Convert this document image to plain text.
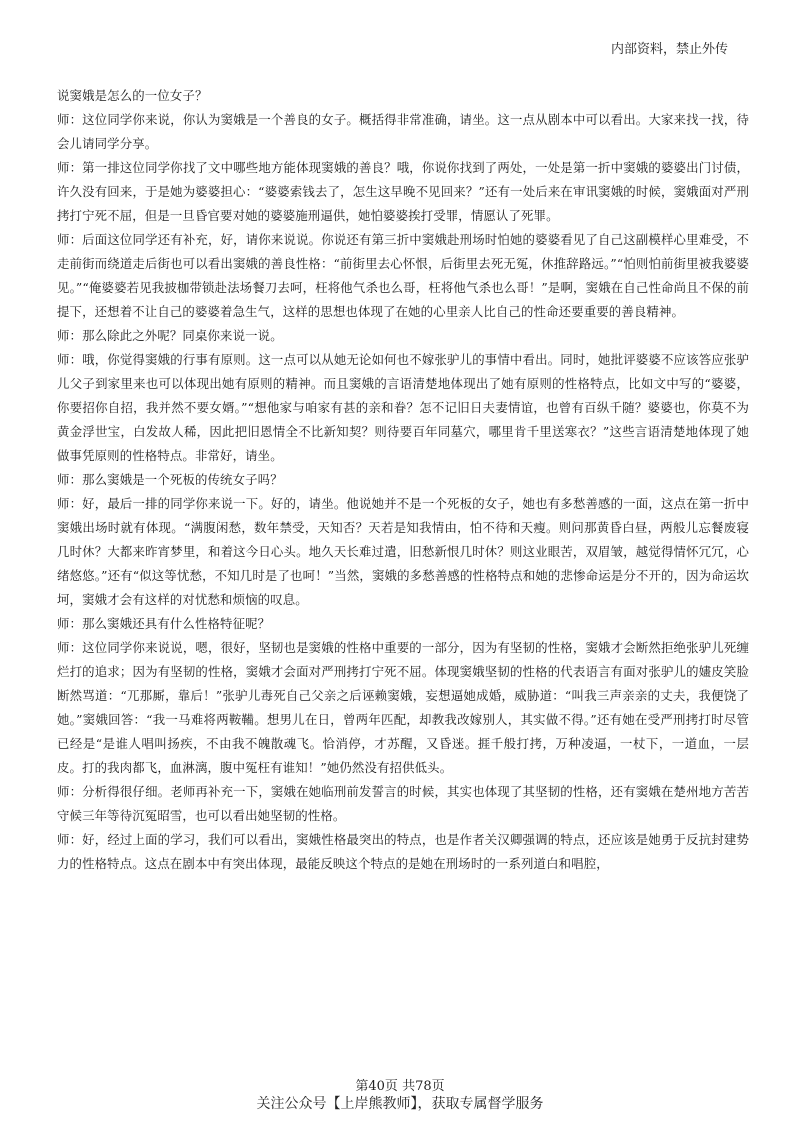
内部资料，禁止外传

说窦娥是怎么的一位女子？

师：这位同学你来说，你认为窦娥是一个善良的女子。概括得非常准确，请坐。这一点从剧本中可以看出。大家来找一找，待会儿请同学分享。

师：第一排这位同学你找了文中哪些地方能体现窦娥的善良？哦，你说你找到了两处，一处是第一折中窦娥的婆婆出门讨债，许久没有回来，于是她为婆婆担心：“婆婆索钱去了，怎生这早晚不见回来？”还有一处后来在审讯窦娥的时候，窦娥面对严刑拷打宁死不屈，但是一旦昏官要对她的婆婆施刑逼供，她怕婆婆挨打受罪，情愿认了死罪。

师：后面这位同学还有补充，好，请你来说说。你说还有第三折中窦娥赴刑场时怕她的婆婆看见了自己这副模样心里难受，不走前街而绕道走后街也可以看出窦娥的善良性格：“前街里去心怀恨，后街里去死无冤，休推辞路远。”“怕则怕前街里被我婆婆见。”“俺婆婆若见我披枷带锁赴法场餐刀去呵，枉将他气杀也么哥，枉将他气杀也么哥！”是啊，窦娥在自己性命尚且不保的前提下，还想着不让自己的婆婆着急生气，这样的思想也体现了在她的心里亲人比自己的性命还要重要的善良精神。

师：那么除此之外呢？同桌你来说一说。

师：哦，你觉得窦娥的行事有原则。这一点可以从她无论如何也不嫁张驴儿的事情中看出。同时，她批评婆婆不应该答应张驴儿父子到家里来也可以体现出她有原则的精神。而且窦娥的言语清楚地体现出了她有原则的性格特点，比如文中写的“婆婆，你要招你自招，我并然不要女婿。”“想他家与咱家有甚的亲和眷？怎不记旧日夫妻情谊，也曾有百纵千随？婆婆也，你莫不为黄金浮世宝，白发故人稀，因此把旧恩情全不比新知契？则待要百年同墓穴，哪里肯千里送寒衣？”这些言语清楚地体现了她做事凭原则的性格特点。非常好，请坐。

师：那么窦娥是一个死板的传统女子吗？

师：好，最后一排的同学你来说一下。好的，请坐。他说她并不是一个死板的女子，她也有多愁善感的一面，这点在第一折中窦娥出场时就有体现。“满腹闲愁，数年禁受，天知否？天若是知我情由，怕不待和天瘦。则问那黄昏白昼，两般儿忘餐废寝几时休？大都来昨宵梦里，和着这今日心头。地久天长难过遣，旧愁新恨几时休？则这业眼苦，双眉皱，越觉得情怀冗冗，心绪悠悠。”还有“似这等忧愁，不知几时是了也呵！”当然，窦娥的多愁善感的性格特点和她的悲惨命运是分不开的，因为命运坎坷，窦娥才会有这样的对忧愁和烦恼的叹息。

师：那么窦娥还具有什么性格特征呢？

师：这位同学你来说说，嗯，很好，坚韧也是窦娥的性格中重要的一部分，因为有坚韧的性格，窦娥才会断然拒绝张驴儿死缠烂打的追求；因为有坚韧的性格，窦娥才会面对严刑拷打宁死不屈。体现窦娥坚韧的性格的代表语言有面对张驴儿的嫿皮笑脸断然骂道：“兀那厮，靠后！”张驴儿毒死自己父亲之后诬赖窦娥，妄想逼她成婚，威胁道：“叫我三声亲亲的丈夫，我便饶了她。”窦娥回答：“我一马难将两鞍鞴。想男儿在日，曾两年匹配，却教我改嫁别人，其实做不得。”还有她在受严刑拷打时尽管已经是“是谁人唱叫扬疾，不由我不魄散魂飞。恰消停，才苏醒，又昏迷。捱千般打拷，万种凌逼，一杖下，一道血，一层皮。打的我肉都飞，血淋漓，腹中冤枉有谁知！”她仍然没有招供低头。

师：分析得很仔细。老师再补充一下，窦娥在她临刑前发誓言的时候，其实也体现了其坚韧的性格，还有窦娥在楚州地方苦苦守候三年等待沉冤昭雪，也可以看出她坚韧的性格。

师：好，经过上面的学习，我们可以看出，窦娥性格最突出的特点，也是作者关汉卿强调的特点，还应该是她勇于反抗封建势力的性格特点。这点在剧本中有突出体现，最能反映这个特点的是她在刑场时的一系列道白和唱腔，

第40页 共78页
关注公众号【上岸熊教师】，获取专属督学服务
